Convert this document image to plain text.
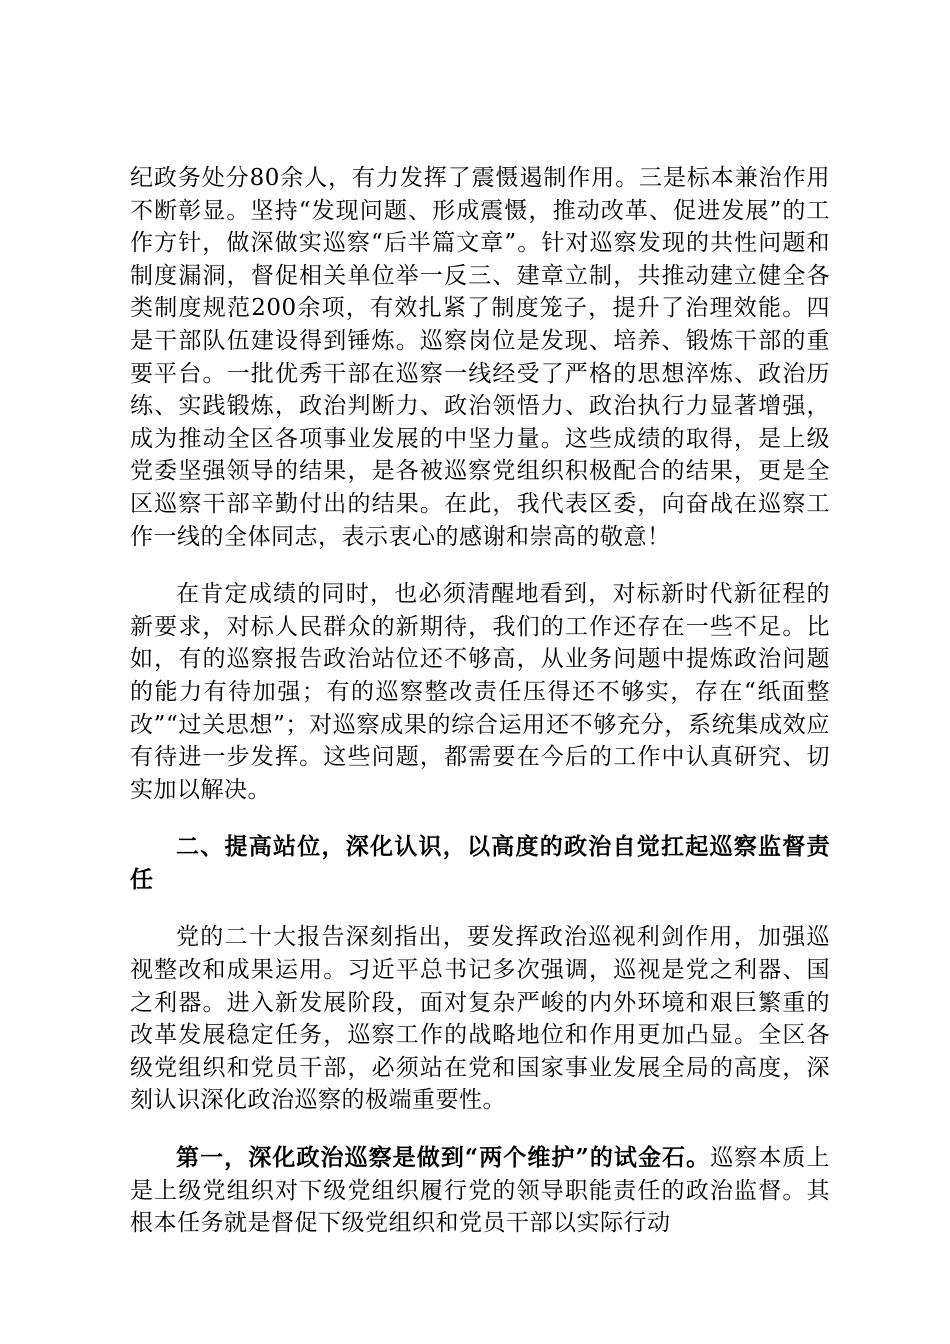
纪政务处分80余人，有力发挥了震慑遏制作用。三是标本兼治作用不断彰显。坚持“发现问题、形成震慑，推动改革、促进发展”的工作方针，做深做实巡察“后半篇文章”。针对巡察发现的共性问题和制度漏洞，督促相关单位举一反三、建章立制，共推动建立健全各类制度规范200余项，有效扎紧了制度笼子，提升了治理效能。四是干部队伍建设得到锤炼。巡察岗位是发现、培养、锻炼干部的重要平台。一批优秀干部在巡察一线经受了严格的思想淬炼、政治历练、实践锻炼，政治判断力、政治领悟力、政治执行力显著增强，成为推动全区各项事业发展的中坚力量。这些成绩的取得，是上级党委坚强领导的结果，是各被巡察党组织积极配合的结果，更是全区巡察干部辛勤付出的结果。在此，我代表区委，向奋战在巡察工作一线的全体同志，表示衷心的感谢和崇高的敬意！

在肯定成绩的同时，也必须清醒地看到，对标新时代新征程的新要求，对标人民群众的新期待，我们的工作还存在一些不足。比如，有的巡察报告政治站位还不够高，从业务问题中提炼政治问题的能力有待加强；有的巡察整改责任压得还不够实，存在“纸面整改”“过关思想”；对巡察成果的综合运用还不够充分，系统集成效应有待进一步发挥。这些问题，都需要在今后的工作中认真研究、切实加以解决。

二、提高站位，深化认识，以高度的政治自觉扛起巡察监督责任

党的二十大报告深刻指出，要发挥政治巡视利剑作用，加强巡视整改和成果运用。习近平总书记多次强调，巡视是党之利器、国之利器。进入新发展阶段，面对复杂严峻的内外环境和艰巨繁重的改革发展稳定任务，巡察工作的战略地位和作用更加凸显。全区各级党组织和党员干部，必须站在党和国家事业发展全局的高度，深刻认识深化政治巡察的极端重要性。

第一，深化政治巡察是做到“两个维护”的试金石。巡察本质上是上级党组织对下级党组织履行党的领导职能责任的政治监督。其根本任务就是督促下级党组织和党员干部以实际行动
